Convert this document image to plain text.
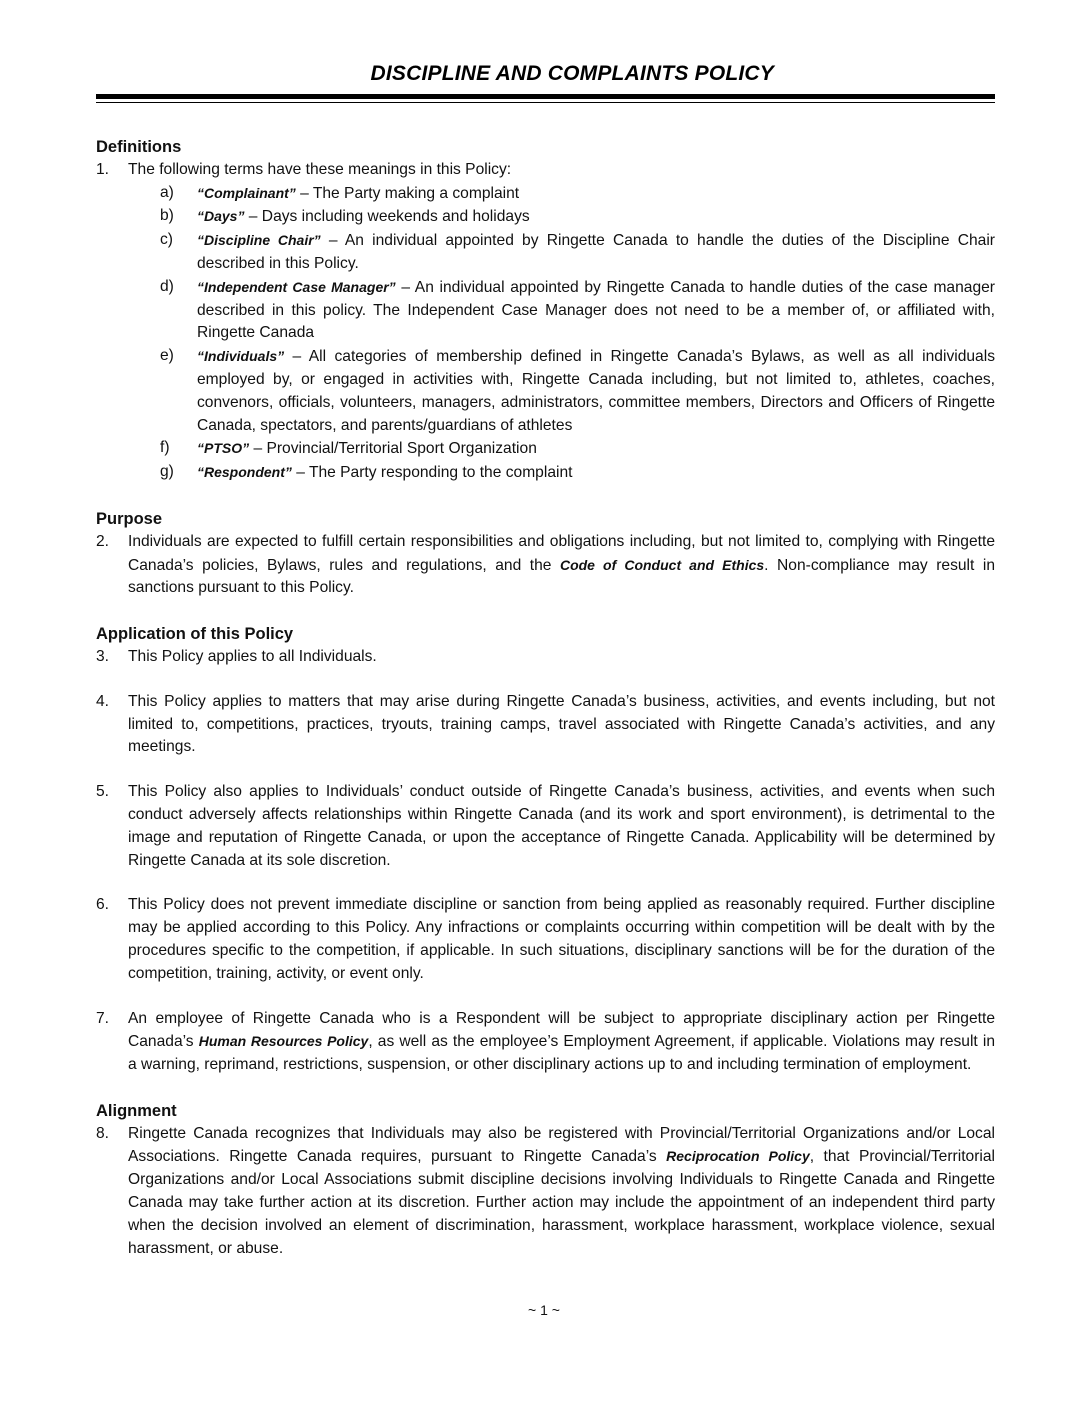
DISCIPLINE AND COMPLAINTS POLICY
Definitions
1.	The following terms have these meanings in this Policy:
a)	“Complainant” – The Party making a complaint
b)	“Days” – Days including weekends and holidays
c)	“Discipline Chair” – An individual appointed by Ringette Canada to handle the duties of the Discipline Chair described in this Policy.
d)	“Independent Case Manager” – An individual appointed by Ringette Canada to handle duties of the case manager described in this policy. The Independent Case Manager does not need to be a member of, or affiliated with, Ringette Canada
e)	“Individuals” – All categories of membership defined in Ringette Canada’s Bylaws, as well as all individuals employed by, or engaged in activities with, Ringette Canada including, but not limited to, athletes, coaches, convenors, officials, volunteers, managers, administrators, committee members, Directors and Officers of Ringette Canada, spectators, and parents/guardians of athletes
f)	“PTSO” – Provincial/Territorial Sport Organization
g)	“Respondent” – The Party responding to the complaint
Purpose
2.	Individuals are expected to fulfill certain responsibilities and obligations including, but not limited to, complying with Ringette Canada’s policies, Bylaws, rules and regulations, and the Code of Conduct and Ethics. Non-compliance may result in sanctions pursuant to this Policy.
Application of this Policy
3.	This Policy applies to all Individuals.
4.	This Policy applies to matters that may arise during Ringette Canada’s business, activities, and events including, but not limited to, competitions, practices, tryouts, training camps, travel associated with Ringette Canada’s activities, and any meetings.
5.	This Policy also applies to Individuals’ conduct outside of Ringette Canada’s business, activities, and events when such conduct adversely affects relationships within Ringette Canada (and its work and sport environment), is detrimental to the image and reputation of Ringette Canada, or upon the acceptance of Ringette Canada. Applicability will be determined by Ringette Canada at its sole discretion.
6.	This Policy does not prevent immediate discipline or sanction from being applied as reasonably required. Further discipline may be applied according to this Policy. Any infractions or complaints occurring within competition will be dealt with by the procedures specific to the competition, if applicable. In such situations, disciplinary sanctions will be for the duration of the competition, training, activity, or event only.
7.	An employee of Ringette Canada who is a Respondent will be subject to appropriate disciplinary action per Ringette Canada’s Human Resources Policy, as well as the employee’s Employment Agreement, if applicable. Violations may result in a warning, reprimand, restrictions, suspension, or other disciplinary actions up to and including termination of employment.
Alignment
8.	Ringette Canada recognizes that Individuals may also be registered with Provincial/Territorial Organizations and/or Local Associations. Ringette Canada requires, pursuant to Ringette Canada’s Reciprocation Policy, that Provincial/Territorial Organizations and/or Local Associations submit discipline decisions involving Individuals to Ringette Canada and Ringette Canada may take further action at its discretion. Further action may include the appointment of an independent third party when the decision involved an element of discrimination, harassment, workplace harassment, workplace violence, sexual harassment, or abuse.
~ 1 ~
